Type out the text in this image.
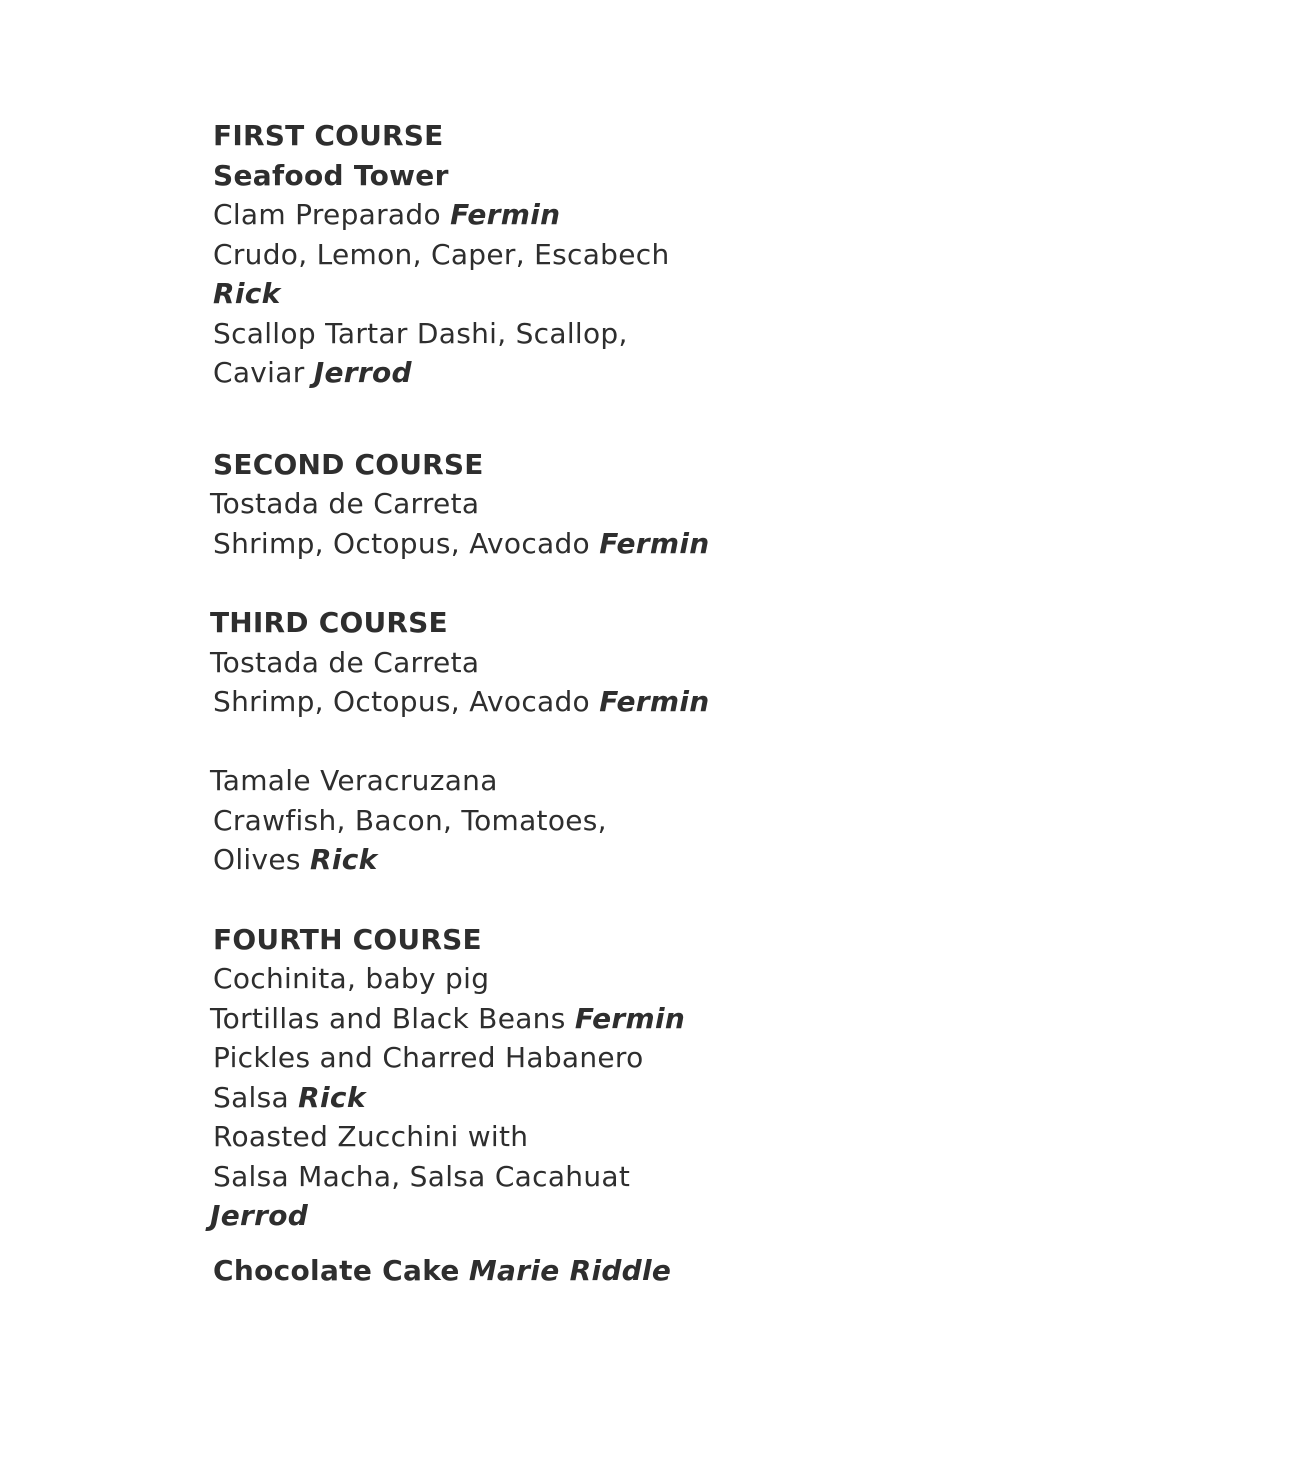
FIRST COURSE
Seafood Tower
Clam Preparado Fermin
Crudo, Lemon, Caper, Escabech
Rick
Scallop Tartar Dashi, Scallop,
Caviar Jerrod
SECOND COURSE
Tostada de Carreta
Shrimp, Octopus, Avocado Fermin
THIRD COURSE
Tostada de Carreta
Shrimp, Octopus, Avocado Fermin

Tamale Veracruzana
Crawfish, Bacon, Tomatoes,
Olives Rick
FOURTH COURSE
Cochinita, baby pig
Tortillas and Black Beans Fermin
Pickles and Charred Habanero
Salsa Rick
Roasted Zucchini with
Salsa Macha, Salsa Cacahuat
Jerrod
Chocolate Cake Marie Riddle
